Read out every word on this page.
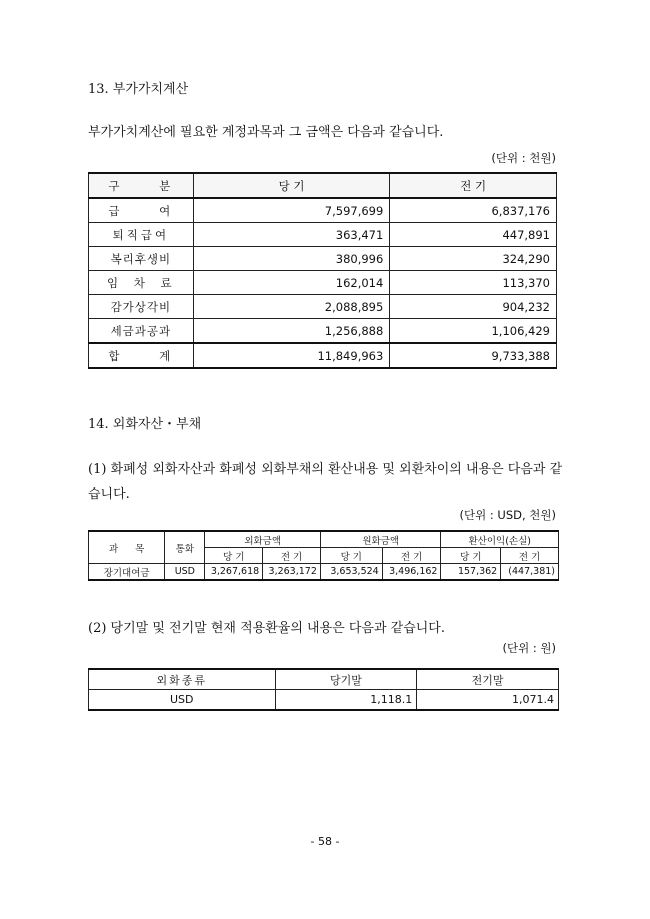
13. 부가가치계산
부가가치계산에 필요한 계정과목과 그 금액은 다음과 같습니다.
(단위 : 천원)
구 분	당 기	전 기
급 여	7,597,699	6,837,176
퇴직급여	363,471	447,891
복리후생비	380,996	324,290
임 차 료	162,014	113,370
감가상각비	2,088,895	904,232
세금과공과	1,256,888	1,106,429
합 계	11,849,963	9,733,388
14. 외화자산・부채
(1) 화폐성 외화자산과 화폐성 외화부채의 환산내용 및 외환차이의 내용은 다음과 같
습니다.
(단위 : USD, 천원)
과 목	통화	외화금액		원화금액		환산이익(손실)	
		당 기	전 기	당 기	전 기	당 기	전 기
장기대여금	USD	3,267,618	3,263,172	3,653,524	3,496,162	157,362	(447,381)
(2) 당기말 및 전기말 현재 적용환율의 내용은 다음과 같습니다.
(단위 : 원)
외화종류	당기말	전기말
USD	1,118.1	1,071.4
- 58 -
